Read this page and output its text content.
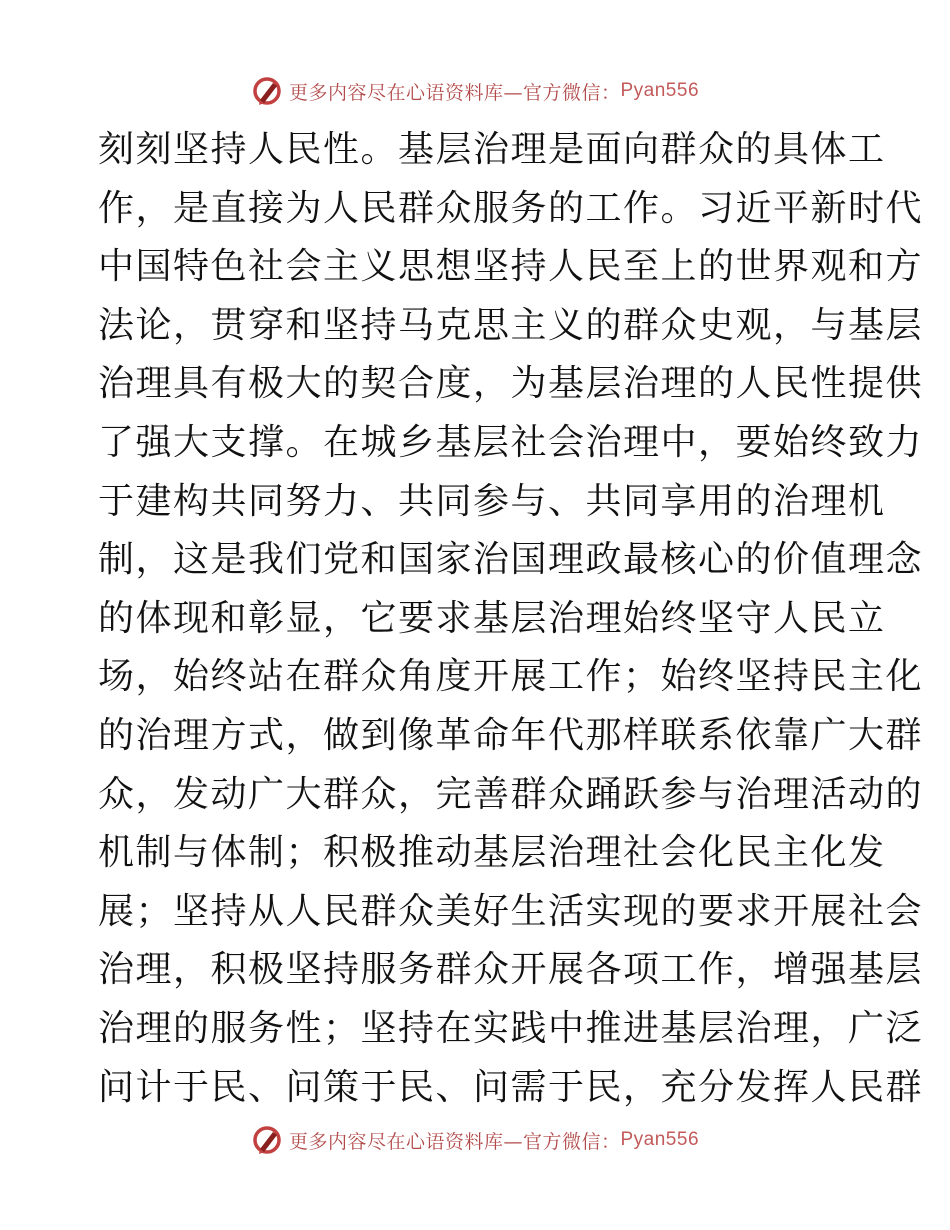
更多内容尽在心语资料库—官方微信： Pyan556
刻刻坚持人民性。基层治理是面向群众的具体工
作，是直接为人民群众服务的工作。习近平新时代
中国特色社会主义思想坚持人民至上的世界观和方
法论，贯穿和坚持马克思主义的群众史观，与基层
治理具有极大的契合度，为基层治理的人民性提供
了强大支撑。在城乡基层社会治理中，要始终致力
于建构共同努力、共同参与、共同享用的治理机
制，这是我们党和国家治国理政最核心的价值理念
的体现和彰显，它要求基层治理始终坚守人民立
场，始终站在群众角度开展工作；始终坚持民主化
的治理方式，做到像革命年代那样联系依靠广大群
众，发动广大群众，完善群众踊跃参与治理活动的
机制与体制；积极推动基层治理社会化民主化发
展；坚持从人民群众美好生活实现的要求开展社会
治理，积极坚持服务群众开展各项工作，增强基层
治理的服务性；坚持在实践中推进基层治理，广泛
问计于民、问策于民、问需于民，充分发挥人民群
更多内容尽在心语资料库—官方微信： Pyan556
